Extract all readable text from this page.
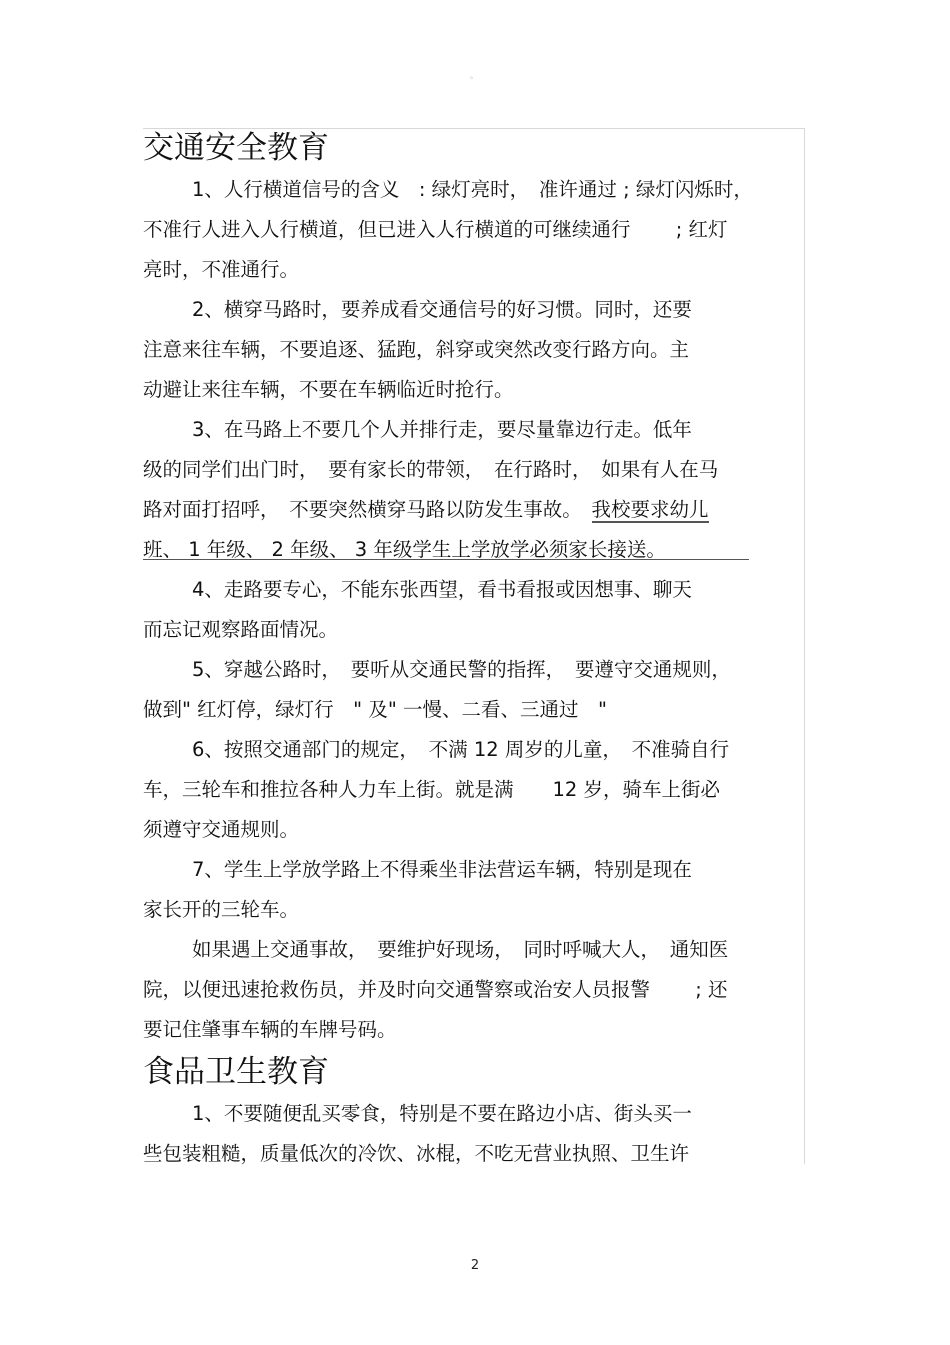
。
交通安全教育
1、人行横道信号的含义　: 绿灯亮时，　准许通过 ; 绿灯闪烁时，
不准行人进入人行横道，但已进入人行横道的可继续通行　　 ; 红灯
亮时，不准通行。
2、横穿马路时，要养成看交通信号的好习惯。同时，还要
注意来往车辆，不要追逐、猛跑，斜穿或突然改变行路方向。主
动避让来往车辆，不要在车辆临近时抢行。
3、在马路上不要几个人并排行走，要尽量靠边行走。低年
级的同学们出门时，　要有家长的带领，　在行路时，　如果有人在马
路对面打招呼，　不要突然横穿马路以防发生事故。　我校要求幼儿
班、 1 年级、 2 年级、 3 年级学生上学放学必须家长接送。
4、走路要专心，不能东张西望，看书看报或因想事、聊天
而忘记观察路面情况。
5、穿越公路时，　要听从交通民警的指挥，　要遵守交通规则，
做到" 红灯停，绿灯行　" 及" 一慢、二看、三通过　"
6、按照交通部门的规定，　不满 12 周岁的儿童，　不准骑自行
车，三轮车和推拉各种人力车上街。就是满　　12 岁，骑车上街必
须遵守交通规则。
7、学生上学放学路上不得乘坐非法营运车辆，特别是现在
家长开的三轮车。
如果遇上交通事故，　要维护好现场，　同时呼喊大人，　通知医
院，以便迅速抢救伤员，并及时向交通警察或治安人员报警　　 ; 还
要记住肇事车辆的车牌号码。
食品卫生教育
1、不要随便乱买零食，特别是不要在路边小店、街头买一
些包装粗糙，质量低次的冷饮、冰棍，不吃无营业执照、卫生许
2
